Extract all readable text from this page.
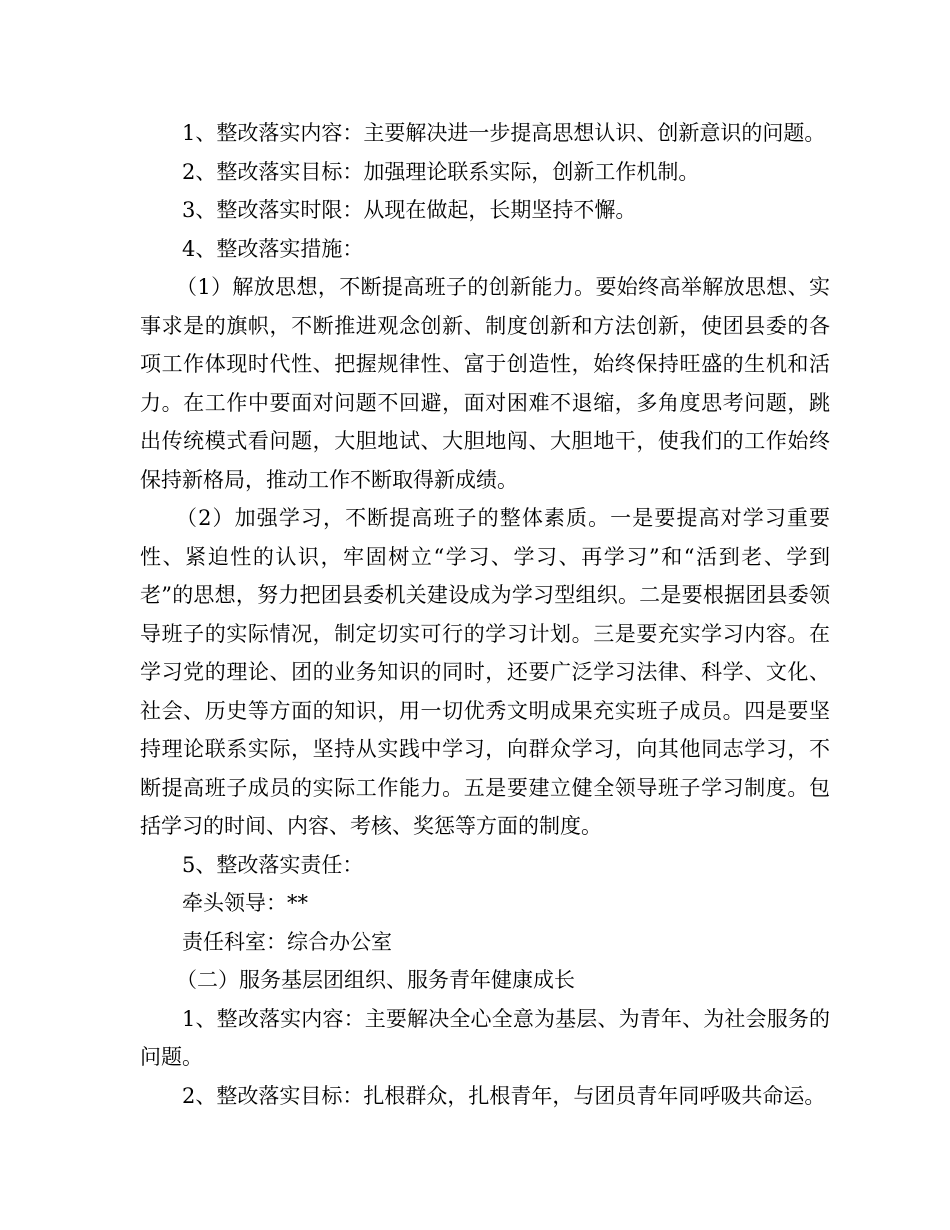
1、整改落实内容：主要解决进一步提高思想认识、创新意识的问题。

2、整改落实目标：加强理论联系实际，创新工作机制。

3、整改落实时限：从现在做起，长期坚持不懈。

4、整改落实措施：

（1）解放思想，不断提高班子的创新能力。要始终高举解放思想、实事求是的旗帜，不断推进观念创新、制度创新和方法创新，使团县委的各项工作体现时代性、把握规律性、富于创造性，始终保持旺盛的生机和活力。在工作中要面对问题不回避，面对困难不退缩，多角度思考问题，跳出传统模式看问题，大胆地试、大胆地闯、大胆地干，使我们的工作始终保持新格局，推动工作不断取得新成绩。

（2）加强学习，不断提高班子的整体素质。一是要提高对学习重要性、紧迫性的认识，牢固树立“学习、学习、再学习”和“活到老、学到老”的思想，努力把团县委机关建设成为学习型组织。二是要根据团县委领导班子的实际情况，制定切实可行的学习计划。三是要充实学习内容。在学习党的理论、团的业务知识的同时，还要广泛学习法律、科学、文化、社会、历史等方面的知识，用一切优秀文明成果充实班子成员。四是要坚持理论联系实际，坚持从实践中学习，向群众学习，向其他同志学习，不断提高班子成员的实际工作能力。五是要建立健全领导班子学习制度。包括学习的时间、内容、考核、奖惩等方面的制度。

5、整改落实责任：

牵头领导：**

责任科室：综合办公室

（二）服务基层团组织、服务青年健康成长

1、整改落实内容：主要解决全心全意为基层、为青年、为社会服务的问题。

2、整改落实目标：扎根群众，扎根青年，与团员青年同呼吸共命运。
